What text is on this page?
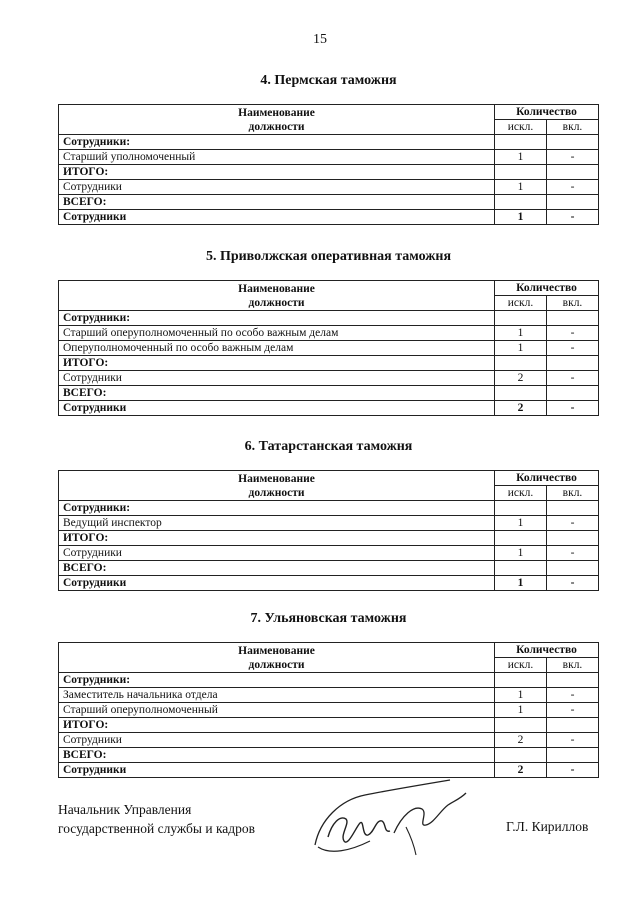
15
4. Пермская таможня
Наименование
должности	Количество	
	искл.	вкл.
Сотрудники:		
Старший уполномоченный	1	-
ИТОГО:		
Сотрудники	1	-
ВСЕГО:		
Сотрудники	1	-
5. Приволжская оперативная таможня
Наименование
должности	Количество	
	искл.	вкл.
Сотрудники:		
Старший оперуполномоченный по особо важным делам	1	-
Оперуполномоченный по особо важным делам	1	-
ИТОГО:		
Сотрудники	2	-
ВСЕГО:		
Сотрудники	2	-
6. Татарстанская таможня
Наименование
должности	Количество	
	искл.	вкл.
Сотрудники:		
Ведущий инспектор	1	-
ИТОГО:		
Сотрудники	1	-
ВСЕГО:		
Сотрудники	1	-
7. Ульяновская таможня
Наименование
должности	Количество	
	искл.	вкл.
Сотрудники:		
Заместитель начальника отдела	1	-
Старший оперуполномоченный	1	-
ИТОГО:		
Сотрудники	2	-
ВСЕГО:		
Сотрудники	2	-
Начальник Управления
государственной службы и кадров	Г.Л. Кириллов
